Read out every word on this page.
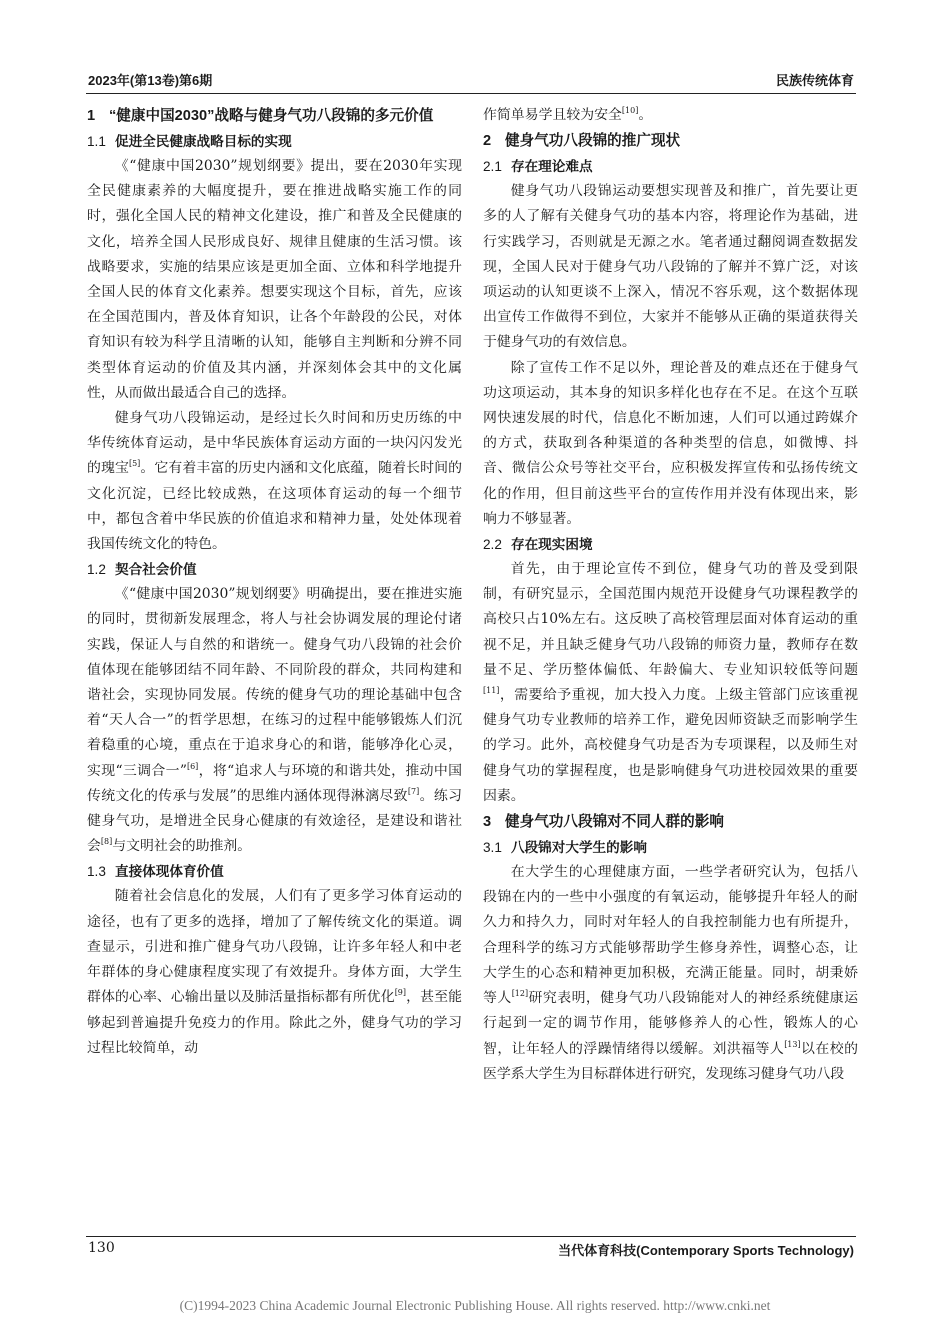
2023年(第13卷)第6期	民族传统体育
1 “健康中国2030”战略与健身气功八段锦的多元价值
1.1 促进全民健康战略目标的实现

《“健康中国2030”规划纲要》提出，要在2030年实现全民健康素养的大幅度提升，要在推进战略实施工作的同时，强化全国人民的精神文化建设，推广和普及全民健康的文化，培养全国人民形成良好、规律且健康的生活习惯。该战略要求，实施的结果应该是更加全面、立体和科学地提升全国人民的体育文化素养。想要实现这个目标，首先，应该在全国范围内，普及体育知识，让各个年龄段的公民，对体育知识有较为科学且清晰的认知，能够自主判断和分辨不同类型体育运动的价值及其内涵，并深刻体会其中的文化属性，从而做出最适合自己的选择。

健身气功八段锦运动，是经过长久时间和历史历练的中华传统体育运动，是中华民族体育运动方面的一块闪闪发光的瑰宝[5]。它有着丰富的历史内涵和文化底蕴，随着长时间的文化沉淀，已经比较成熟，在这项体育运动的每一个细节中，都包含着中华民族的价值追求和精神力量，处处体现着我国传统文化的特色。

1.2 契合社会价值

《“健康中国2030”规划纲要》明确提出，要在推进实施的同时，贯彻新发展理念，将人与社会协调发展的理论付诸实践，保证人与自然的和谐统一。健身气功八段锦的社会价值体现在能够团结不同年龄、不同阶段的群众，共同构建和谐社会，实现协同发展。传统的健身气功的理论基础中包含着“天人合一”的哲学思想，在练习的过程中能够锻炼人们沉着稳重的心境，重点在于追求身心的和谐，能够净化心灵，实现“三调合一”[6]，将“追求人与环境的和谐共处，推动中国传统文化的传承与发展”的思维内涵体现得淋漓尽致[7]。练习健身气功，是增进全民身心健康的有效途径，是建设和谐社会[8]与文明社会的助推剂。

1.3 直接体现体育价值

随着社会信息化的发展，人们有了更多学习体育运动的途径，也有了更多的选择，增加了了解传统文化的渠道。调查显示，引进和推广健身气功八段锦，让许多年轻人和中老年群体的身心健康程度实现了有效提升。身体方面，大学生群体的心率、心输出量以及肺活量指标都有所优化[9]，甚至能够起到普遍提升免疫力的作用。除此之外，健身气功的学习过程比较简单，动

作简单易学且较为安全[10]。

2 健身气功八段锦的推广现状
2.1 存在理论难点

健身气功八段锦运动要想实现普及和推广，首先要让更多的人了解有关健身气功的基本内容，将理论作为基础，进行实践学习，否则就是无源之水。笔者通过翻阅调查数据发现，全国人民对于健身气功八段锦的了解并不算广泛，对该项运动的认知更谈不上深入，情况不容乐观，这个数据体现出宣传工作做得不到位，大家并不能够从正确的渠道获得关于健身气功的有效信息。

除了宣传工作不足以外，理论普及的难点还在于健身气功这项运动，其本身的知识多样化也存在不足。在这个互联网快速发展的时代，信息化不断加速，人们可以通过跨媒介的方式，获取到各种渠道的各种类型的信息，如微博、抖音、微信公众号等社交平台，应积极发挥宣传和弘扬传统文化的作用，但目前这些平台的宣传作用并没有体现出来，影响力不够显著。

2.2 存在现实困境

首先，由于理论宣传不到位，健身气功的普及受到限制，有研究显示，全国范围内规范开设健身气功课程教学的高校只占10%左右。这反映了高校管理层面对体育运动的重视不足，并且缺乏健身气功八段锦的师资力量，教师存在数量不足、学历整体偏低、年龄偏大、专业知识较低等问题[11]，需要给予重视，加大投入力度。上级主管部门应该重视健身气功专业教师的培养工作，避免因师资缺乏而影响学生的学习。此外，高校健身气功是否为专项课程，以及师生对健身气功的掌握程度，也是影响健身气功进校园效果的重要因素。

3 健身气功八段锦对不同人群的影响
3.1 八段锦对大学生的影响

在大学生的心理健康方面，一些学者研究认为，包括八段锦在内的一些中小强度的有氧运动，能够提升年轻人的耐久力和持久力，同时对年轻人的自我控制能力也有所提升，合理科学的练习方式能够帮助学生修身养性，调整心态，让大学生的心态和精神更加积极，充满正能量。同时，胡秉娇等人[12]研究表明，健身气功八段锦能对人的神经系统健康运行起到一定的调节作用，能够修养人的心性，锻炼人的心智，让年轻人的浮躁情绪得以缓解。刘洪福等人[13]以在校的医学系大学生为目标群体进行研究，发现练习健身气功八段

130	当代体育科技(Contemporary Sports Technology)
(C)1994-2023 China Academic Journal Electronic Publishing House. All rights reserved. http://www.cnki.net
